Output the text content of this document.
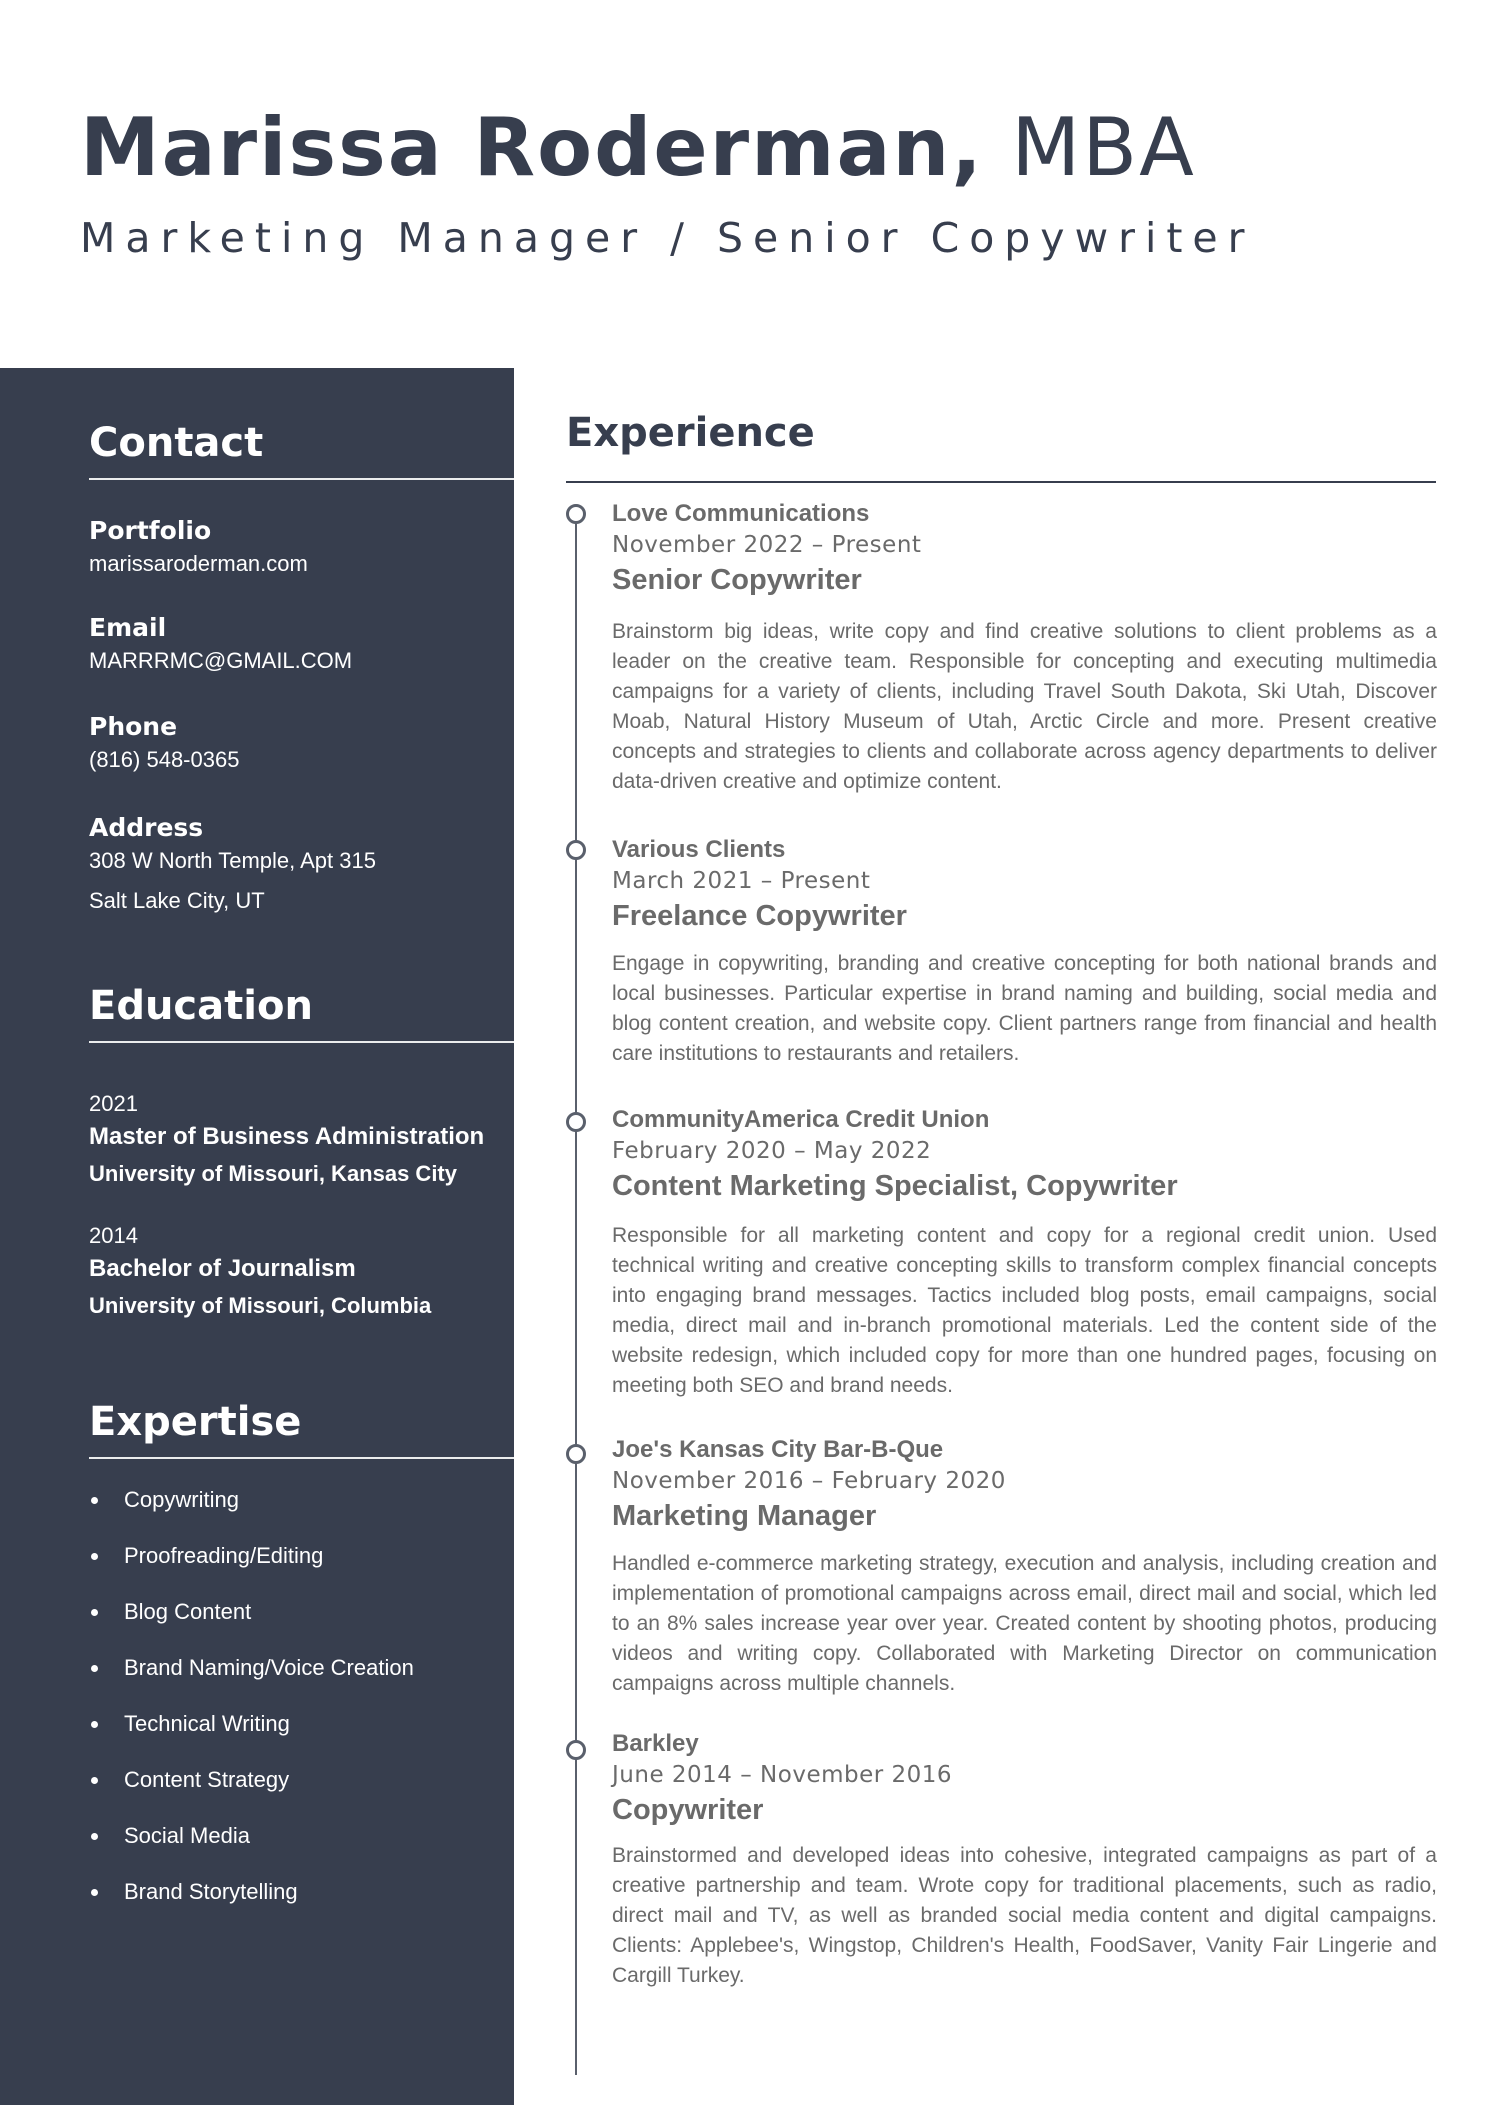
Marissa Roderman, MBA
Marketing Manager / Senior Copywriter
Contact
Portfolio
marissaroderman.com
Email
MARRRMC@GMAIL.COM
Phone
(816) 548-0365
Address
308 W North Temple, Apt 315
Salt Lake City, UT
Education
2021
Master of Business Administration
University of Missouri, Kansas City
2014
Bachelor of Journalism
University of Missouri, Columbia
Expertise
Copywriting
Proofreading/Editing
Blog Content
Brand Naming/Voice Creation
Technical Writing
Content Strategy
Social Media
Brand Storytelling
Experience
Love Communications
November 2022 – Present
Senior Copywriter
Brainstorm big ideas, write copy and find creative solutions to client problems as a leader on the creative team. Responsible for concepting and executing multimedia campaigns for a variety of clients, including Travel South Dakota, Ski Utah, Discover Moab, Natural History Museum of Utah, Arctic Circle and more. Present creative concepts and strategies to clients and collaborate across agency departments to deliver data-driven creative and optimize content.
Various Clients
March 2021 – Present
Freelance Copywriter
Engage in copywriting, branding and creative concepting for both national brands and local businesses. Particular expertise in brand naming and building, social media and blog content creation, and website copy. Client partners range from financial and health care institutions to restaurants and retailers.
CommunityAmerica Credit Union
February 2020 – May 2022
Content Marketing Specialist, Copywriter
Responsible for all marketing content and copy for a regional credit union. Used technical writing and creative concepting skills to transform complex financial concepts into engaging brand messages. Tactics included blog posts, email campaigns, social media, direct mail and in-branch promotional materials. Led the content side of the website redesign, which included copy for more than one hundred pages, focusing on meeting both SEO and brand needs.
Joe's Kansas City Bar-B-Que
November 2016 – February 2020
Marketing Manager
Handled e-commerce marketing strategy, execution and analysis, including creation and implementation of promotional campaigns across email, direct mail and social, which led to an 8% sales increase year over year. Created content by shooting photos, producing videos and writing copy. Collaborated with Marketing Director on communication campaigns across multiple channels.
Barkley
June 2014 – November 2016
Copywriter
Brainstormed and developed ideas into cohesive, integrated campaigns as part of a creative partnership and team. Wrote copy for traditional placements, such as radio, direct mail and TV, as well as branded social media content and digital campaigns. Clients: Applebee's, Wingstop, Children's Health, FoodSaver, Vanity Fair Lingerie and Cargill Turkey.
